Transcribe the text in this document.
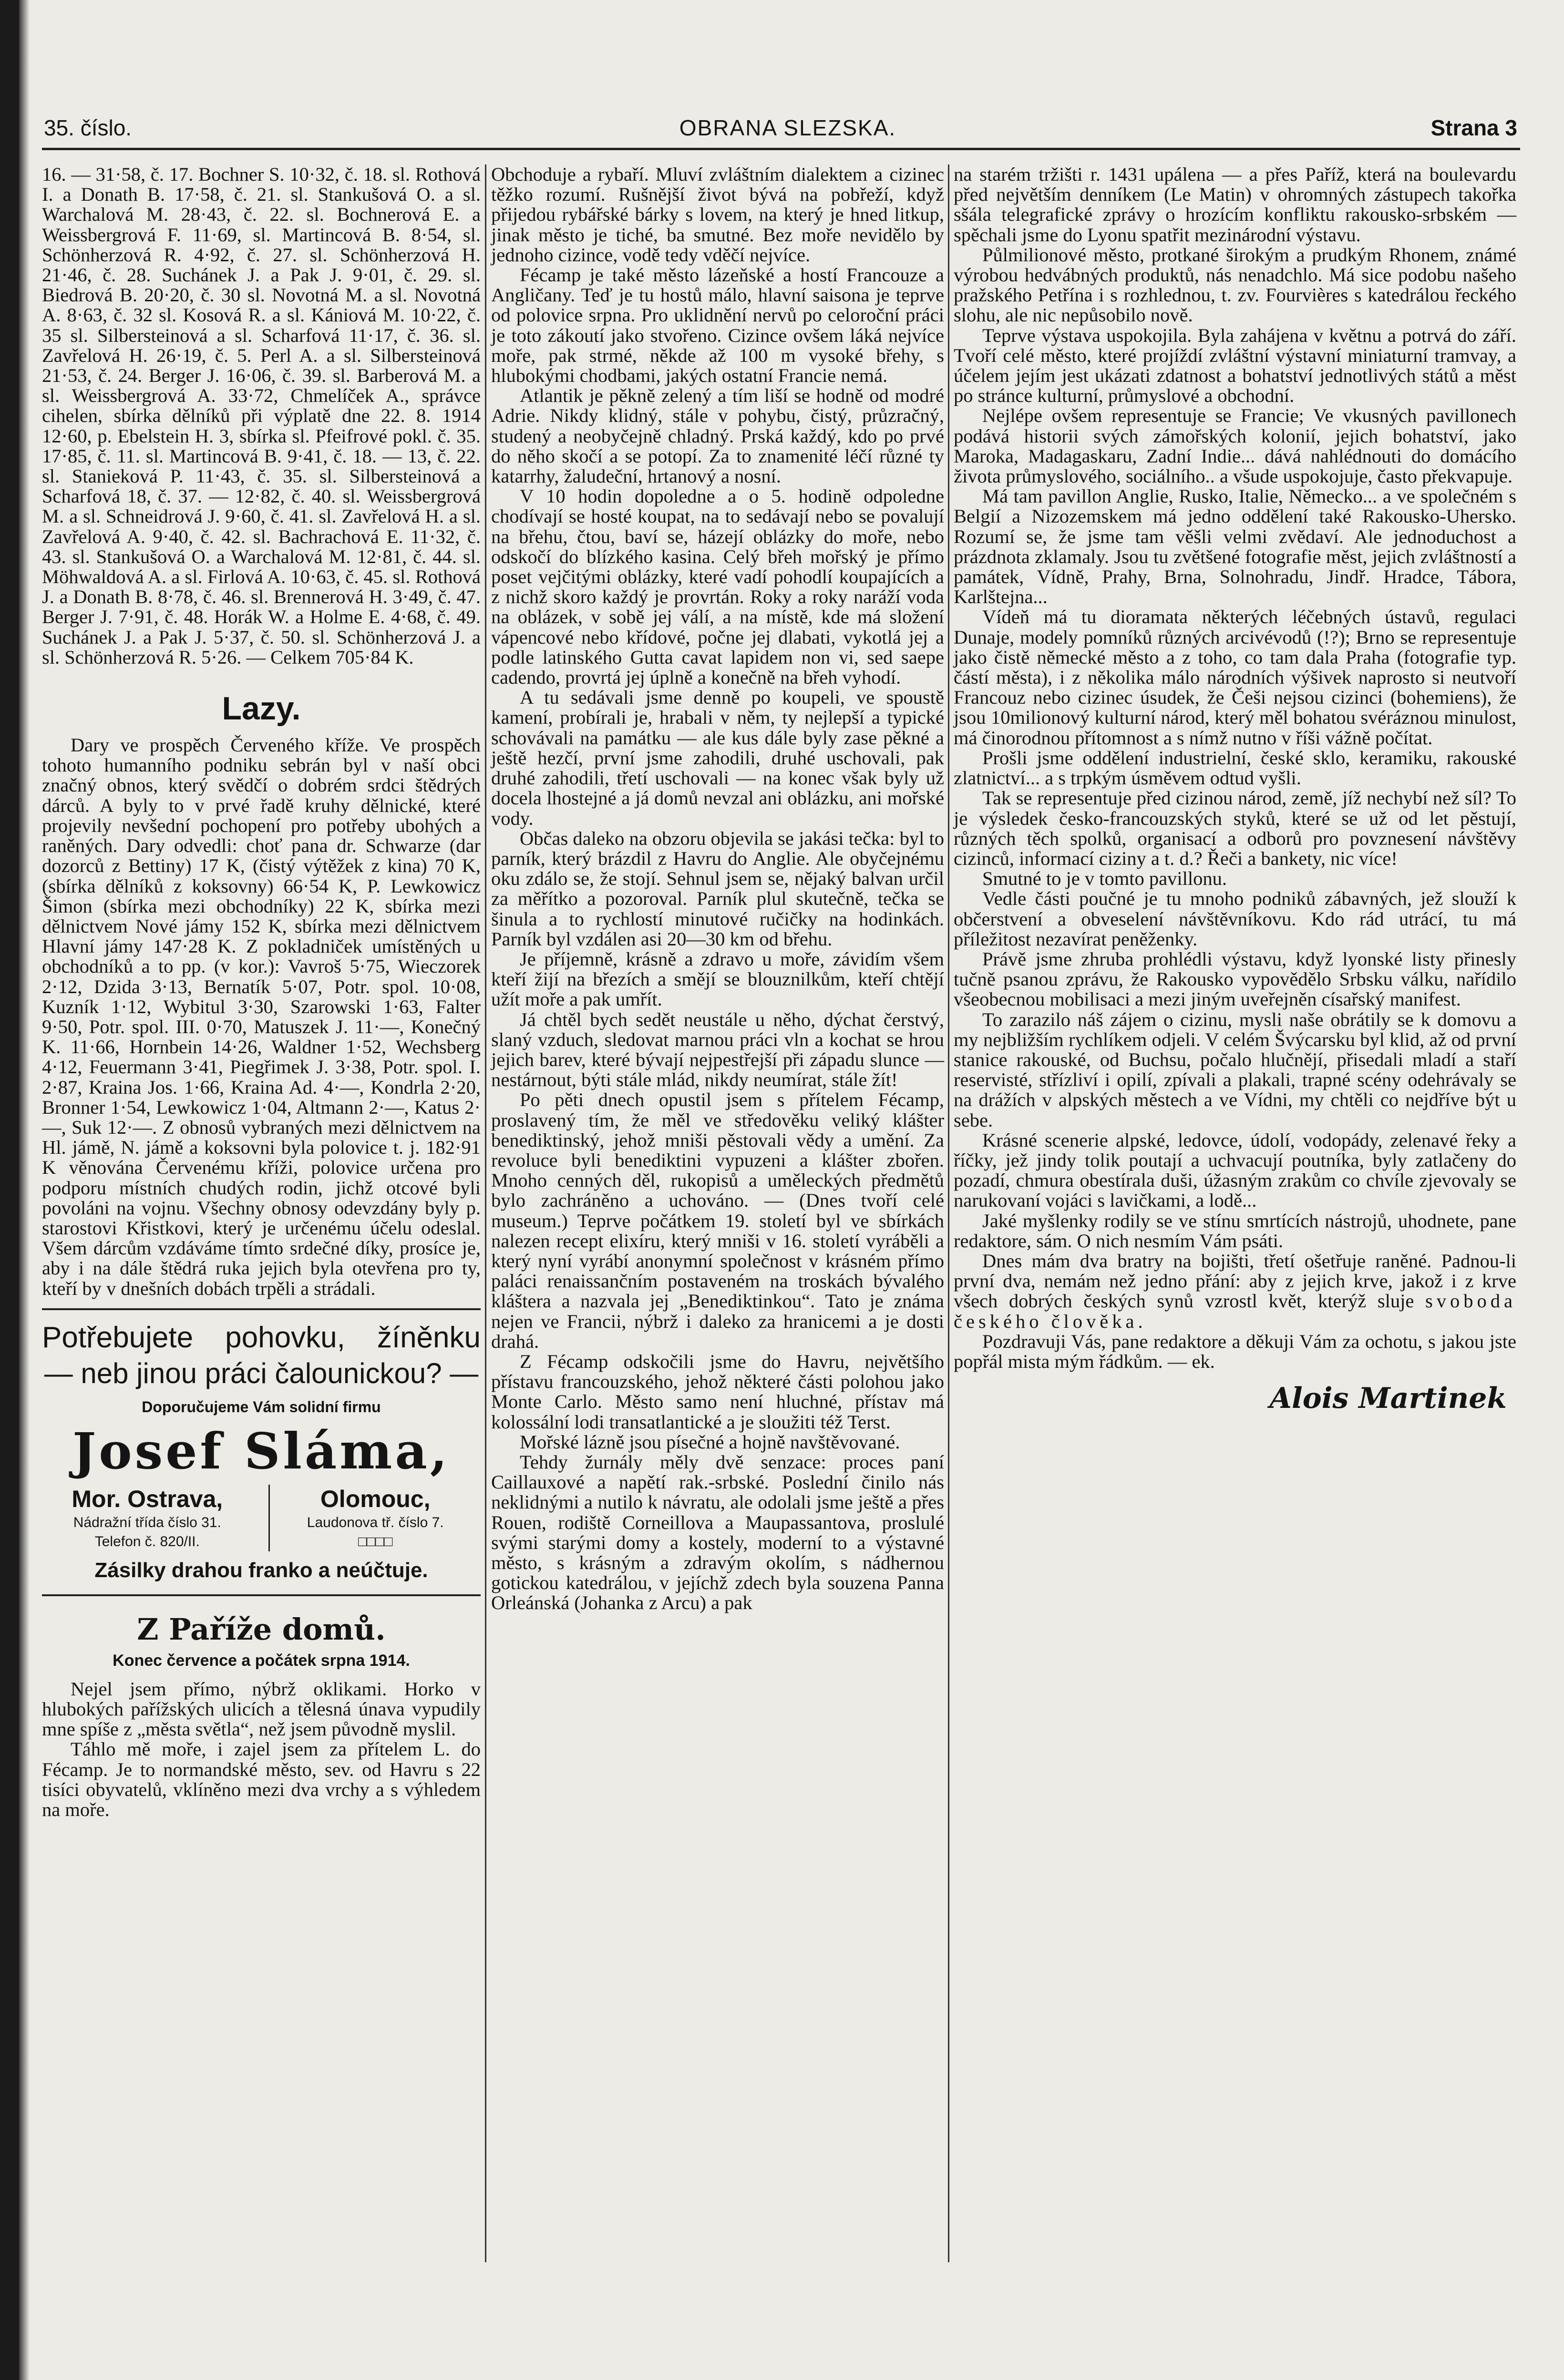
35. číslo.	OBRANA SLEZSKA.	Strana 3

16. — 31·58, č. 17. Bochner S. 10·32, č. 18. sl. Rothová I. a Donath B. 17·58, č. 21. sl. Stankušová O. a sl. Warchalová M. 28·43, č. 22. sl. Bochnerová E. a Weissbergrová F. 11·69, sl. Martincová B. 8·54, sl. Schönherzová R. 4·92, č. 27. sl. Schönherzová H. 21·46, č. 28. Suchánek J. a Pak J. 9·01, č. 29. sl. Biedrová B. 20·20, č. 30 sl. Novotná M. a sl. Novotná A. 8·63, č. 32 sl. Kosová R. a sl. Kániová M. 10·22, č. 35 sl. Silbersteinová a sl. Scharfová 11·17, č. 36. sl. Zavřelová H. 26·19, č. 5. Perl A. a sl. Silbersteinová 21·53, č. 24. Berger J. 16·06, č. 39. sl. Barberová M. a sl. Weissbergrová A. 33·72, Chmelíček A., správce cihelen, sbírka dělníků při výplatě dne 22. 8. 1914 12·60, p. Ebelstein H. 3, sbírka sl. Pfeifrové pokl. č. 35. 17·85, č. 11. sl. Martincová B. 9·41, č. 18. — 13, č. 22. sl. Stanieková P. 11·43, č. 35. sl. Silbersteinová a Scharfová 18, č. 37. — 12·82, č. 40. sl. Weissbergrová M. a sl. Schneidrová J. 9·60, č. 41. sl. Zavřelová H. a sl. Zavřelová A. 9·40, č. 42. sl. Bachrachová E. 11·32, č. 43. sl. Stankušová O. a Warchalová M. 12·81, č. 44. sl. Möhwaldová A. a sl. Firlová A. 10·63, č. 45. sl. Rothová J. a Donath B. 8·78, č. 46. sl. Brennerová H. 3·49, č. 47. Berger J. 7·91, č. 48. Horák W. a Holme E. 4·68, č. 49. Suchánek J. a Pak J. 5·37, č. 50. sl. Schönherzová J. a sl. Schönherzová R. 5·26. — Celkem 705·84 K.

Lazy.

Dary ve prospěch Červeného kříže. Ve prospěch tohoto humanního podniku sebrán byl v naší obci značný obnos, který svědčí o dobrém srdci štědrých dárců. A byly to v prvé řadě kruhy dělnické, které projevily nevšední pochopení pro potřeby ubohých a raněných. Dary odvedli: choť pana dr. Schwarze (dar dozorců z Bettiny) 17 K, (čistý výtěžek z kina) 70 K, (sbírka dělníků z koksovny) 66·54 K, P. Lewkowicz Šimon (sbírka mezi obchodníky) 22 K, sbírka mezi dělnictvem Nové jámy 152 K, sbírka mezi dělnictvem Hlavní jámy 147·28 K. Z pokladniček umístěných u obchodníků a to pp. (v kor.): Vavroš 5·75, Wieczorek 2·12, Dzida 3·13, Bernatík 5·07, Potr. spol. 10·08, Kuzník 1·12, Wybitul 3·30, Szarowski 1·63, Falter 9·50, Potr. spol. III. 0·70, Matuszek J. 11·—, Konečný K. 11·66, Hornbein 14·26, Waldner 1·52, Wechsberg 4·12, Feuermann 3·41, Piegřimek J. 3·38, Potr. spol. I. 2·87, Kraina Jos. 1·66, Kraina Ad. 4·—, Kondrla 2·20, Bronner 1·54, Lewkowicz 1·04, Altmann 2·—, Katus 2·—, Suk 12·—. Z obnosů vybraných mezi dělnictvem na Hl. jámě, N. jámě a koksovni byla polovice t. j. 182·91 K věnována Červenému kříži, polovice určena pro podporu místních chudých rodin, jichž otcové byli povoláni na vojnu. Všechny obnosy odevzdány byly p. starostovi Křistkovi, který je určenému účelu odeslal. Všem dárcům vzdáváme tímto srdečné díky, prosíce je, aby i na dále štědrá ruka jejich byla otevřena pro ty, kteří by v dnešních dobách trpěli a strádali.

Potřebujete pohovku, žíněnku
— neb jinou práci čalounickou? —
Doporučujeme Vám solidní firmu
Josef Sláma,
Mor. Ostrava,
Nádražní třída číslo 31.
Telefon č. 820/II.
Olomouc,
Laudonova tř. číslo 7.
□□□□
Zásilky drahou franko a neúčtuje.
Z Paříže domů.
Konec července a počátek srpna 1914.

Nejel jsem přímo, nýbrž oklikami. Horko v hlubokých pařížských ulicích a tělesná únava vypudily mne spíše z „města světla“, než jsem původně myslil.

Táhlo mě moře, i zajel jsem za přítelem L. do Fécamp. Je to normandské město, sev. od Havru s 22 tisíci obyvatelů, vklíněno mezi dva vrchy a s výhledem na moře.

Obchoduje a rybaří. Mluví zvláštním dialektem a cizinec těžko rozumí. Rušnější život bývá na pobřeží, když přijedou rybářské bárky s lovem, na který je hned litkup, jinak město je tiché, ba smutné. Bez moře nevidělo by jednoho cizince, vodě tedy vděčí nejvíce.

Fécamp je také město lázeňské a hostí Francouze a Angličany. Teď je tu hostů málo, hlavní saisona je teprve od polovice srpna. Pro uklidnění nervů po celoroční práci je toto zákoutí jako stvořeno. Cizince ovšem láká nejvíce moře, pak strmé, někde až 100 m vysoké břehy, s hlubokými chodbami, jakých ostatní Francie nemá.

Atlantik je pěkně zelený a tím liší se hodně od modré Adrie. Nikdy klidný, stále v pohybu, čistý, průzračný, studený a neobyčejně chladný. Prská každý, kdo po prvé do něho skočí a se potopí. Za to znamenité léčí různé ty katarrhy, žaludeční, hrtanový a nosní.

V 10 hodin dopoledne a o 5. hodině odpoledne chodívají se hosté koupat, na to sedávají nebo se povalují na břehu, čtou, baví se, házejí oblázky do moře, nebo odskočí do blízkého kasina. Celý břeh mořský je přímo poset vejčitými oblázky, které vadí pohodlí koupajících a z nichž skoro každý je provrtán. Roky a roky naráží voda na oblázek, v sobě jej válí, a na místě, kde má složení vápencové nebo křídové, počne jej dlabati, vykotlá jej a podle latinského Gutta cavat lapidem non vi, sed saepe cadendo, provrtá jej úplně a konečně na břeh vyhodí.

A tu sedávali jsme denně po koupeli, ve spoustě kamení, probírali je, hrabali v něm, ty nejlepší a typické schovávali na památku — ale kus dále byly zase pěkné a ještě hezčí, první jsme zahodili, druhé uschovali, pak druhé zahodili, třetí uschovali — na konec však byly už docela lhostejné a já domů nevzal ani oblázku, ani mořské vody.

Občas daleko na obzoru objevila se jakási tečka: byl to parník, který brázdil z Havru do Anglie. Ale obyčejnému oku zdálo se, že stojí. Sehnul jsem se, nějaký balvan určil za měřítko a pozoroval. Parník plul skutečně, tečka se šinula a to rychlostí minutové ručičky na hodinkách. Parník byl vzdálen asi 20—30 km od břehu.

Je příjemně, krásně a zdravo u moře, závidím všem kteří žijí na březích a smějí se blouznilkům, kteří chtějí užít moře a pak umřít.

Já chtěl bych sedět neustále u něho, dýchat čerstvý, slaný vzduch, sledovat marnou práci vln a kochat se hrou jejich barev, které bývají nejpestřejší při západu slunce — nestárnout, býti stále mlád, nikdy neumírat, stále žít!

Po pěti dnech opustil jsem s přítelem Fécamp, proslavený tím, že měl ve středověku veliký klášter benediktinský, jehož mniši pěstovali vědy a umění. Za revoluce byli benediktini vypuzeni a klášter zbořen. Mnoho cenných děl, rukopisů a uměleckých předmětů bylo zachráněno a uchováno. — (Dnes tvoří celé museum.) Teprve počátkem 19. století byl ve sbírkách nalezen recept elixíru, který mniši v 16. století vyráběli a který nyní vyrábí anonymní společnost v krásném přímo paláci renaissančním postaveném na troskách bývalého kláštera a nazvala jej „Benediktinkou“. Tato je známa nejen ve Francii, nýbrž i daleko za hranicemi a je dosti drahá.

Z Fécamp odskočili jsme do Havru, největšího přístavu francouzského, jehož některé části polohou jako Monte Carlo. Město samo není hluchné, přístav má kolossální lodi transatlantické a je sloužiti též Terst.

Mořské lázně jsou písečné a hojně navštěvované.

Tehdy žurnály měly dvě senzace: proces paní Caillauxové a napětí rak.-srbské. Poslední činilo nás neklidnými a nutilo k návratu, ale odolali jsme ještě a přes Rouen, rodiště Corneillova a Maupassantova, proslulé svými starými domy a kostely, moderní to a výstavné město, s krásným a zdravým okolím, s nádhernou gotickou katedrálou, v jejíchž zdech byla souzena Panna Orleánská (Johanka z Arcu) a pak

na starém tržišti r. 1431 upálena — a přes Paříž, která na boulevardu před největším denníkem (Le Matin) v ohromných zástupech takořka sšála telegrafické zprávy o hrozícím konfliktu rakousko-srbském — spěchali jsme do Lyonu spatřit mezinárodní výstavu.

Půlmilionové město, protkané širokým a prudkým Rhonem, známé výrobou hedvábných produktů, nás nenadchlo. Má sice podobu našeho pražského Petřína i s rozhlednou, t. zv. Fourvières s katedrálou řeckého slohu, ale nic nepůsobilo nově.

Teprve výstava uspokojila. Byla zahájena v květnu a potrvá do září. Tvoří celé město, které projíždí zvláštní výstavní miniaturní tramvay, a účelem jejím jest ukázati zdatnost a bohatství jednotlivých států a měst po stránce kulturní, průmyslové a obchodní.

Nejlépe ovšem representuje se Francie; Ve vkusných pavillonech podává historii svých zámořských kolonií, jejich bohatství, jako Maroka, Madagaskaru, Zadní Indie... dává nahlédnouti do domácího života průmyslového, sociálního.. a všude uspokojuje, často překvapuje.

Má tam pavillon Anglie, Rusko, Italie, Německo... a ve společném s Belgií a Nizozemskem má jedno oddělení také Rakousko-Uhersko. Rozumí se, že jsme tam věšli velmi zvědaví. Ale jednoduchost a prázdnota zklamaly. Jsou tu zvětšené fotografie měst, jejich zvláštností a památek, Vídně, Prahy, Brna, Solnohradu, Jindř. Hradce, Tábora, Karlštejna...

Vídeň má tu dioramata některých léčebných ústavů, regulaci Dunaje, modely pomníků různých arcivévodů (!?); Brno se representuje jako čistě německé město a z toho, co tam dala Praha (fotografie typ. částí města), i z několika málo národních výšivek naprosto si neutvoří Francouz nebo cizinec úsudek, že Češi nejsou cizinci (bohemiens), že jsou 10milionový kulturní národ, který měl bohatou svéráznou minulost, má činorodnou přítomnost a s nímž nutno v říši vážně počítat.

Prošli jsme oddělení industrielní, české sklo, keramiku, rakouské zlatnictví... a s trpkým úsměvem odtud vyšli.

Tak se representuje před cizinou národ, země, jíž nechybí než síl? To je výsledek česko-francouzských styků, které se už od let pěstují, různých těch spolků, organisací a odborů pro povznesení návštěvy cizinců, informací ciziny a t. d.? Řeči a bankety, nic více!

Smutné to je v tomto pavillonu.

Vedle části poučné je tu mnoho podniků zábavných, jež slouží k občerstvení a obveselení návštěvníkovu. Kdo rád utrácí, tu má příležitost nezavírat peněženky.

Právě jsme zhruba prohlédli výstavu, když lyonské listy přinesly tučně psanou zprávu, že Rakousko vypovědělo Srbsku válku, nařídilo všeobecnou mobilisaci a mezi jiným uveřejněn císařský manifest.

To zarazilo náš zájem o cizinu, mysli naše obrátily se k domovu a my nejbližším rychlíkem odjeli. V celém Švýcarsku byl klid, až od první stanice rakouské, od Buchsu, počalo hlučnějí, přisedali mladí a staří reservisté, střízliví i opilí, zpívali a plakali, trapné scény odehrávaly se na drážích v alpských městech a ve Vídni, my chtěli co nejdříve být u sebe.

Krásné scenerie alpské, ledovce, údolí, vodopády, zelenavé řeky a říčky, jež jindy tolik poutají a uchvacují poutníka, byly zatlačeny do pozadí, chmura obestírala duši, úžasným zrakům co chvíle zjevovaly se narukovaní vojáci s lavičkami, a lodě...

Jaké myšlenky rodily se ve stínu smrtících nástrojů, uhodnete, pane redaktore, sám. O nich nesmím Vám psáti.

Dnes mám dva bratry na bojišti, třetí ošetřuje raněné. Padnou-li první dva, nemám než jedno přání: aby z jejich krve, jakož i z krve všech dobrých českých synů vzrostl květ, kterýž sluje svoboda českého člověka.

Pozdravuji Vás, pane redaktore a děkuji Vám za ochotu, s jakou jste popřál mista mým řádkům. — ek.

Alois Martinek
